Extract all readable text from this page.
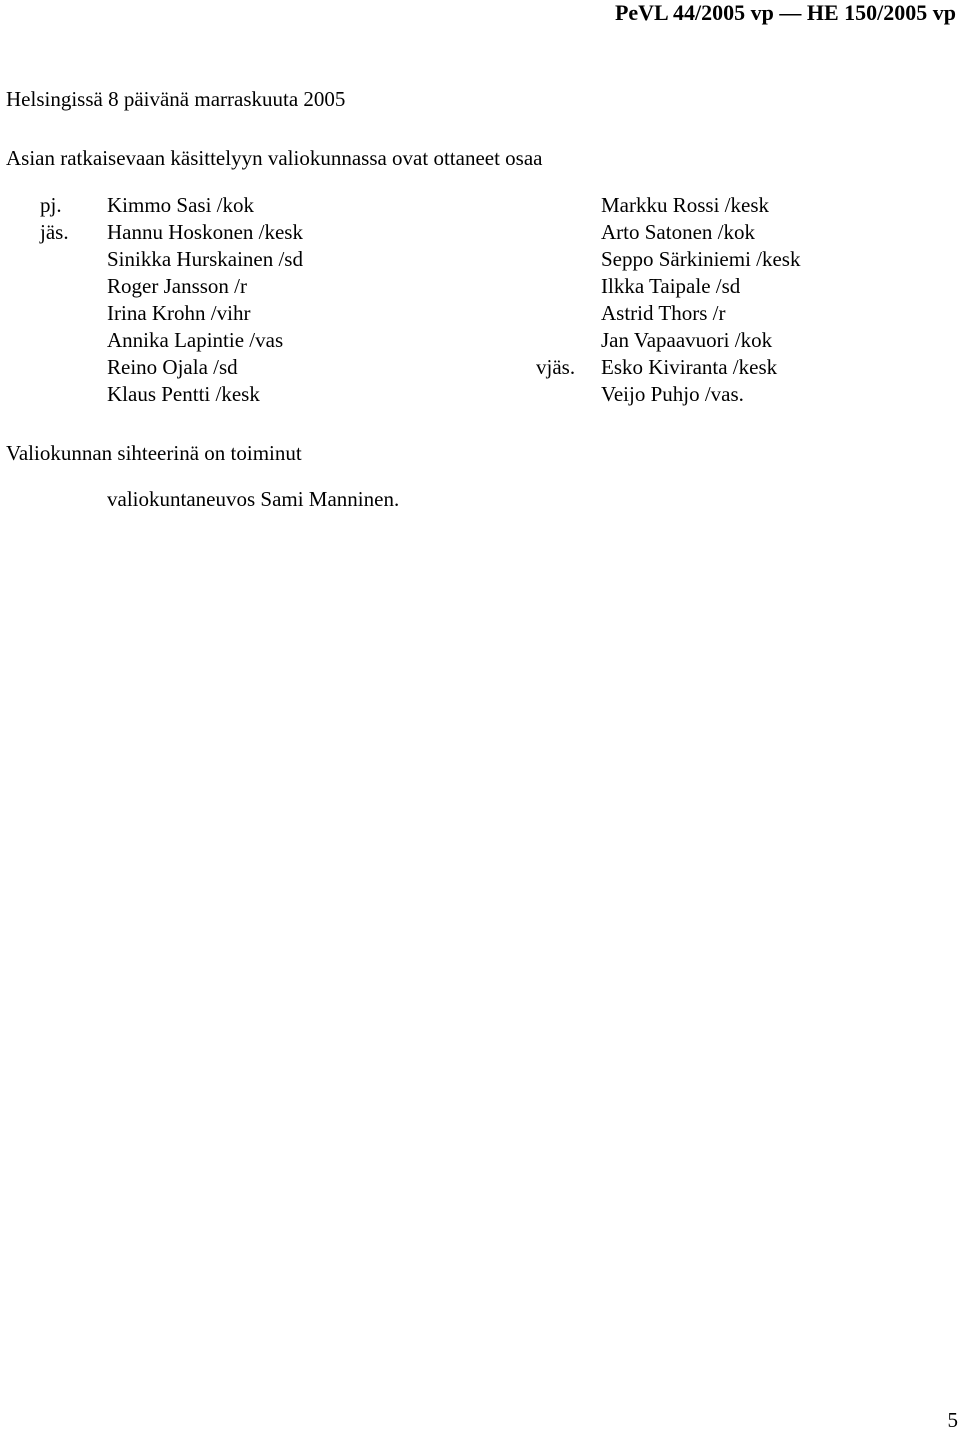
PeVL 44/2005 vp — HE 150/2005 vp
Helsingissä 8 päivänä marraskuuta 2005
Asian ratkaisevaan käsittelyyn valiokunnassa ovat ottaneet osaa
pj. Kimmo Sasi /kok
jäs. Hannu Hoskonen /kesk
Sinikka Hurskainen /sd
Roger Jansson /r
Irina Krohn /vihr
Annika Lapintie /vas
Reino Ojala /sd
Klaus Pentti /kesk
Markku Rossi /kesk
Arto Satonen /kok
Seppo Särkiniemi /kesk
Ilkka Taipale /sd
Astrid Thors /r
Jan Vapaavuori /kok
vjäs. Esko Kiviranta /kesk
Veijo Puhjo /vas.
Valiokunnan sihteerinä on toiminut
valiokuntaneuvos Sami Manninen.
5
